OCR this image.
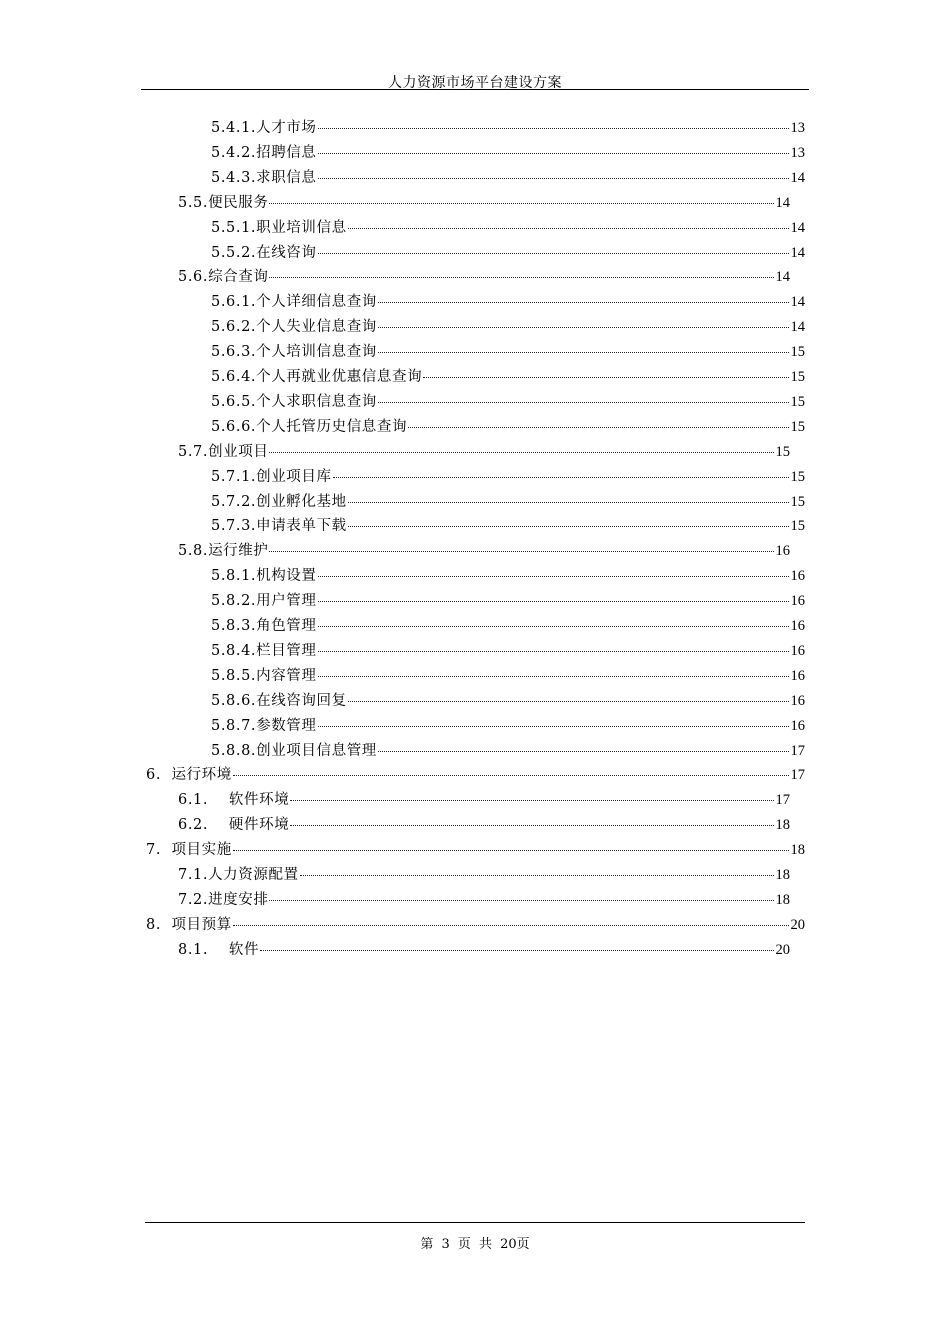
人力资源市场平台建设方案
5.4.1.人才市场	13
5.4.2.招聘信息	13
5.4.3.求职信息	14
5.5.便民服务	14
5.5.1.职业培训信息	14
5.5.2.在线咨询	14
5.6.综合查询	14
5.6.1.个人详细信息查询	14
5.6.2.个人失业信息查询	14
5.6.3.个人培训信息查询	15
5.6.4.个人再就业优惠信息查询	15
5.6.5.个人求职信息查询	15
5.6.6.个人托管历史信息查询	15
5.7.创业项目	15
5.7.1.创业项目库	15
5.7.2.创业孵化基地	15
5.7.3.申请表单下载	15
5.8.运行维护	16
5.8.1.机构设置	16
5.8.2.用户管理	16
5.8.3.角色管理	16
5.8.4.栏目管理	16
5.8.5.内容管理	16
5.8.6.在线咨询回复	16
5.8.7.参数管理	16
5.8.8.创业项目信息管理	17
6.  运行环境	17
6.1.    软件环境	17
6.2.    硬件环境	18
7.  项目实施	18
7.1.人力资源配置	18
7.2.进度安排	18
8.  项目预算	20
8.1.    软件	20
第 3 页 共 20页
